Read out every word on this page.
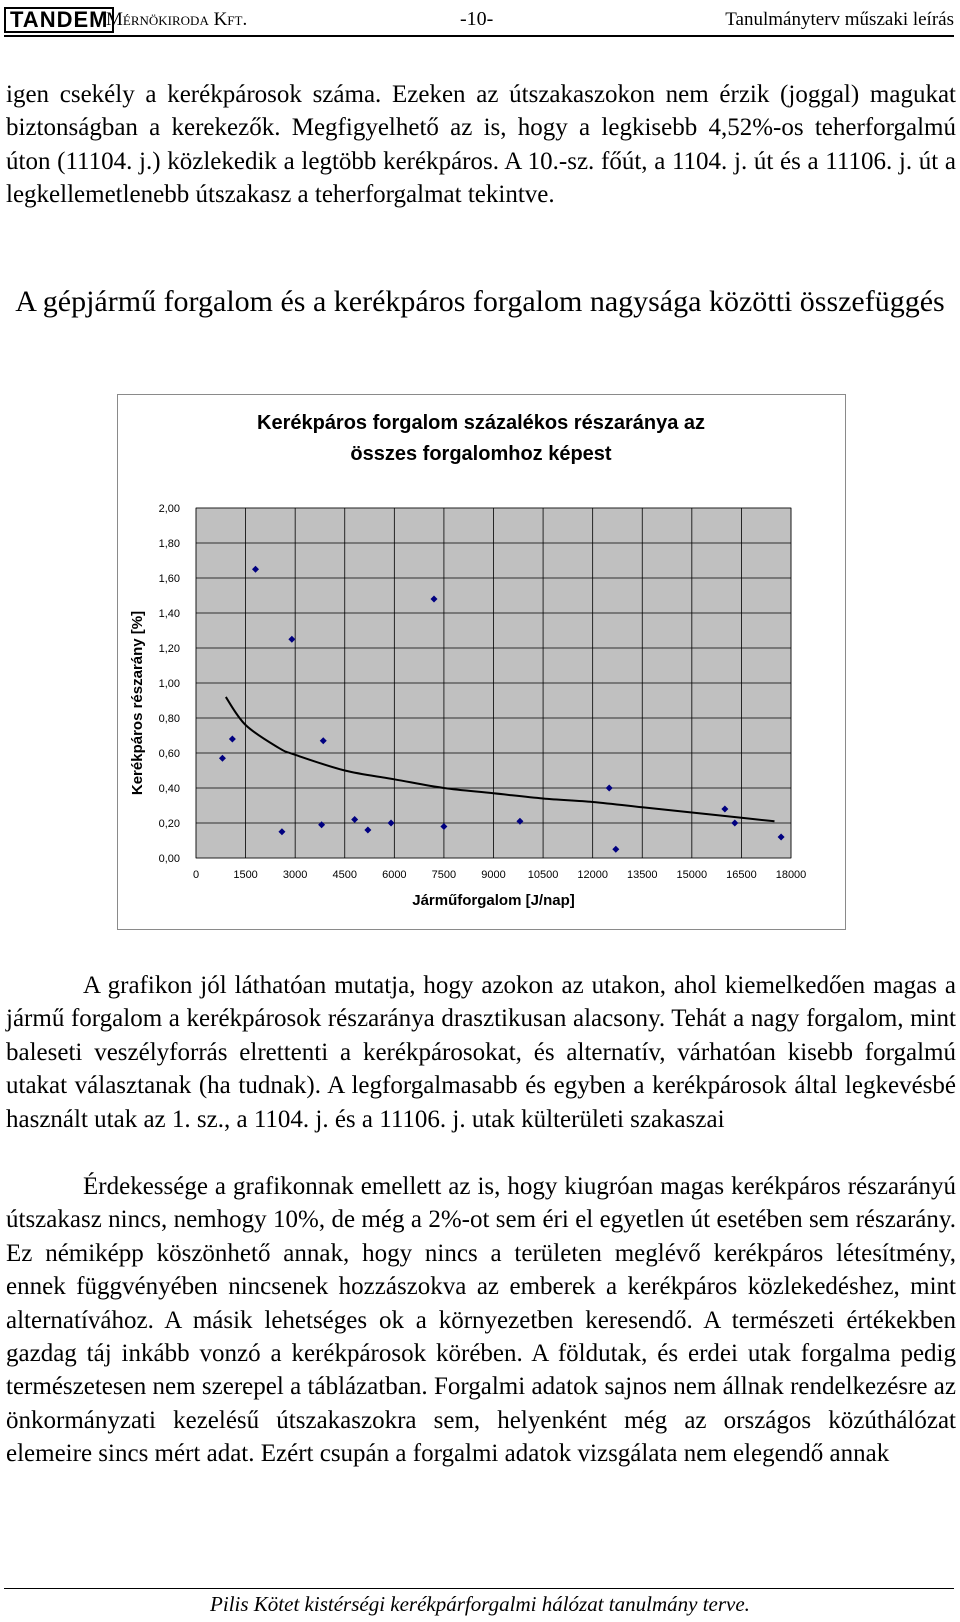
TANDEM
Mérnökiroda Kft.	-10-	Tanulmányterv műszaki leírás
igen csekély a kerékpárosok száma. Ezeken az útszakaszokon nem érzik (joggal) magukat biztonságban a kerekezők. Megfigyelhető az is, hogy a legkisebb 4,52%-os teherforgalmú úton (11104. j.) közlekedik a legtöbb kerékpáros. A 10.-sz. főút, a 1104. j. út és a 11106. j. út a legkellemetlenebb útszakasz a teherforgalmat tekintve.
A gépjármű forgalom és a kerékpáros forgalom nagysága közötti összefüggés
Kerékpáros forgalom százalékos részaránya az
összes forgalomhoz képest
0,00
0,20
0,40
0,60
0,80
1,00
1,20
1,40
1,60
1,80
2,00
0	1500 3000 4500 6000 7500 9000 10500 12000 13500 15000 16500 18000
Járműforgalom [J/nap]
Kerékpáros részarány [%]
A grafikon jól láthatóan mutatja, hogy azokon az utakon, ahol kiemelkedően magas a jármű forgalom a kerékpárosok részaránya drasztikusan alacsony. Tehát a nagy forgalom, mint baleseti veszélyforrás elrettenti a kerékpárosokat, és alternatív, várhatóan kisebb forgalmú utakat választanak (ha tudnak). A legforgalmasabb és egyben a kerékpárosok által legkevésbé használt utak az 1. sz., a 1104. j. és a 11106. j. utak külterületi szakaszai
Érdekessége a grafikonnak emellett az is, hogy kiugróan magas kerékpáros részarányú útszakasz nincs, nemhogy 10%, de még a 2%-ot sem éri el egyetlen út esetében sem részarány. Ez némiképp köszönhető annak, hogy nincs a területen meglévő kerékpáros létesítmény, ennek függvényében nincsenek hozzászokva az emberek a kerékpáros közlekedéshez, mint alternatívához. A másik lehetséges ok a környezetben keresendő. A természeti értékekben gazdag táj inkább vonzó a kerékpárosok körében. A földutak, és erdei utak forgalma pedig természetesen nem szerepel a táblázatban. Forgalmi adatok sajnos nem állnak rendelkezésre az önkormányzati kezelésű útszakaszokra sem, helyenként még az országos közúthálózat elemeire sincs mért adat. Ezért csupán a forgalmi adatok vizsgálata nem elegendő annak
Pilis Kötet kistérségi kerékpárforgalmi hálózat tanulmány terve.
